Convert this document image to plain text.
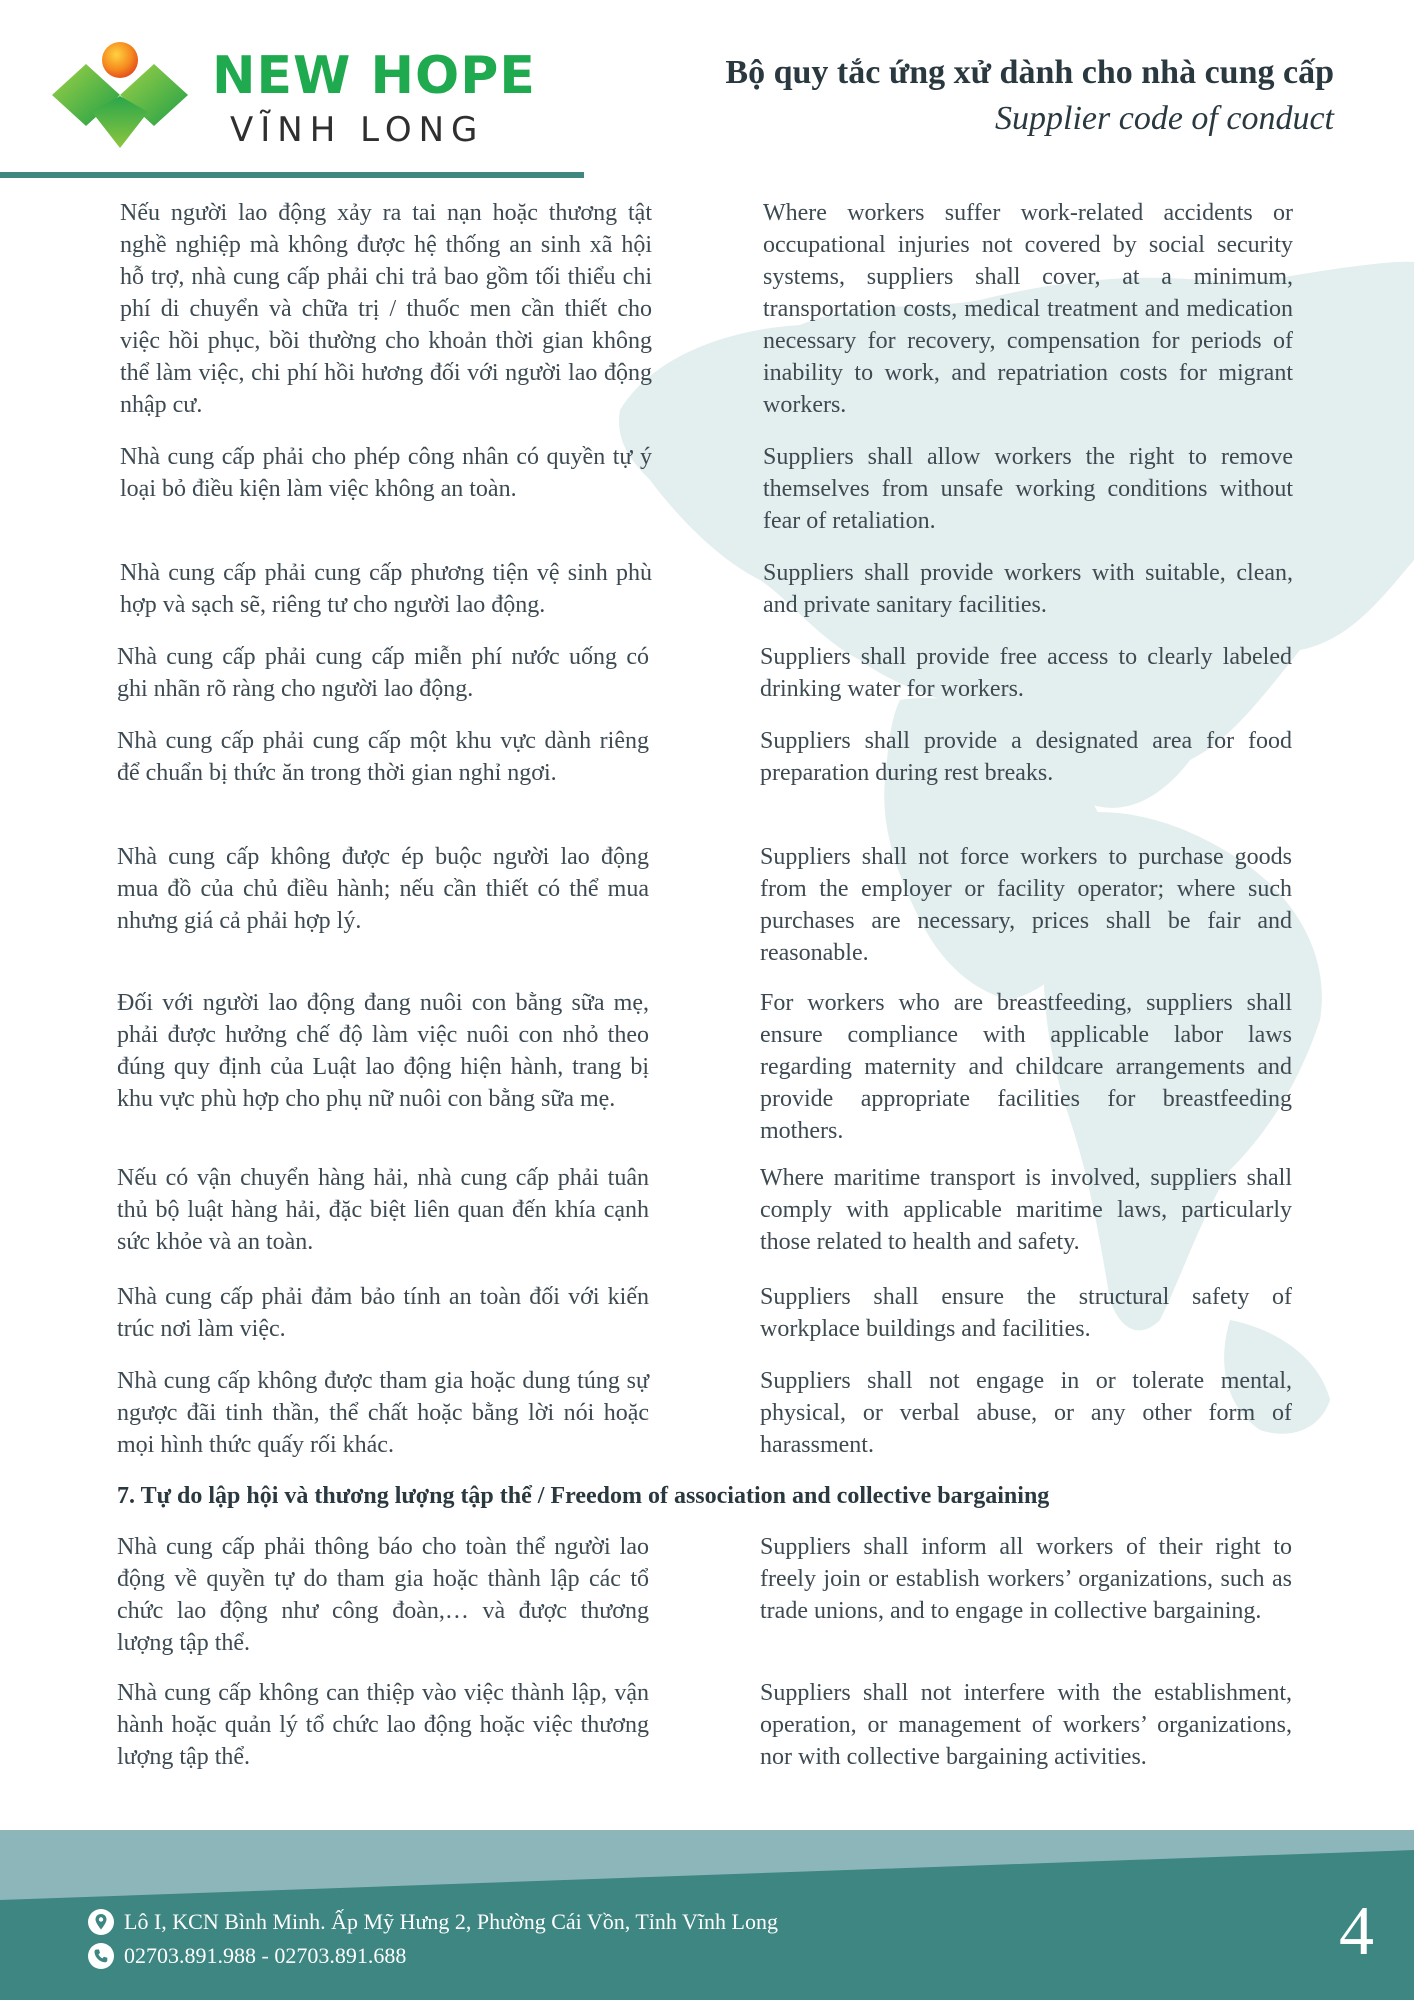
NEW HOPE
VĨNH LONG
Bộ quy tắc ứng xử dành cho nhà cung cấp
Supplier code of conduct

Nếu người lao động xảy ra tai nạn hoặc thương tật nghề nghiệp mà không được hệ thống an sinh xã hội hỗ trợ, nhà cung cấp phải chi trả bao gồm tối thiểu chi phí di chuyển và chữa trị / thuốc men cần thiết cho việc hồi phục, bồi thường cho khoản thời gian không thể làm việc, chi phí hồi hương đối với người lao động nhập cư.

Where workers suffer work-related accidents or occupational injuries not covered by social security systems, suppliers shall cover, at a minimum, transportation costs, medical treatment and medication necessary for recovery, compensation for periods of inability to work, and repatriation costs for migrant workers.

Nhà cung cấp phải cho phép công nhân có quyền tự ý loại bỏ điều kiện làm việc không an toàn.

Suppliers shall allow workers the right to remove themselves from unsafe working conditions without fear of retaliation.

Nhà cung cấp phải cung cấp phương tiện vệ sinh phù hợp và sạch sẽ, riêng tư cho người lao động.

Suppliers shall provide workers with suitable, clean, and private sanitary facilities.

Nhà cung cấp phải cung cấp miễn phí nước uống có ghi nhãn rõ ràng cho người lao động.

Suppliers shall provide free access to clearly labeled drinking water for workers.

Nhà cung cấp phải cung cấp một khu vực dành riêng để chuẩn bị thức ăn trong thời gian nghỉ ngơi.

Suppliers shall provide a designated area for food preparation during rest breaks.

Nhà cung cấp không được ép buộc người lao động mua đồ của chủ điều hành; nếu cần thiết có thể mua nhưng giá cả phải hợp lý.

Suppliers shall not force workers to purchase goods from the employer or facility operator; where such purchases are necessary, prices shall be fair and reasonable.

Đối với người lao động đang nuôi con bằng sữa mẹ, phải được hưởng chế độ làm việc nuôi con nhỏ theo đúng quy định của Luật lao động hiện hành, trang bị khu vực phù hợp cho phụ nữ nuôi con bằng sữa mẹ.

For workers who are breastfeeding, suppliers shall ensure compliance with applicable labor laws regarding maternity and childcare arrangements and provide appropriate facilities for breastfeeding mothers.

Nếu có vận chuyển hàng hải, nhà cung cấp phải tuân thủ bộ luật hàng hải, đặc biệt liên quan đến khía cạnh sức khỏe và an toàn.

Where maritime transport is involved, suppliers shall comply with applicable maritime laws, particularly those related to health and safety.

Nhà cung cấp phải đảm bảo tính an toàn đối với kiến trúc nơi làm việc.

Suppliers shall ensure the structural safety of workplace buildings and facilities.

Nhà cung cấp không được tham gia hoặc dung túng sự ngược đãi tinh thần, thể chất hoặc bằng lời nói hoặc mọi hình thức quấy rối khác.

Suppliers shall not engage in or tolerate mental, physical, or verbal abuse, or any other form of harassment.

7. Tự do lập hội và thương lượng tập thể / Freedom of association and collective bargaining

Nhà cung cấp phải thông báo cho toàn thể người lao động về quyền tự do tham gia hoặc thành lập các tổ chức lao động như công đoàn,… và được thương lượng tập thể.

Suppliers shall inform all workers of their right to freely join or establish workers’ organizations, such as trade unions, and to engage in collective bargaining.

Nhà cung cấp không can thiệp vào việc thành lập, vận hành hoặc quản lý tổ chức lao động hoặc việc thương lượng tập thể.

Suppliers shall not interfere with the establishment, operation, or management of workers’ organizations, nor with collective bargaining activities.

Lô I, KCN Bình Minh. Ấp Mỹ Hưng 2, Phường Cái Vồn, Tỉnh Vĩnh Long
02703.891.988 - 02703.891.688	4
